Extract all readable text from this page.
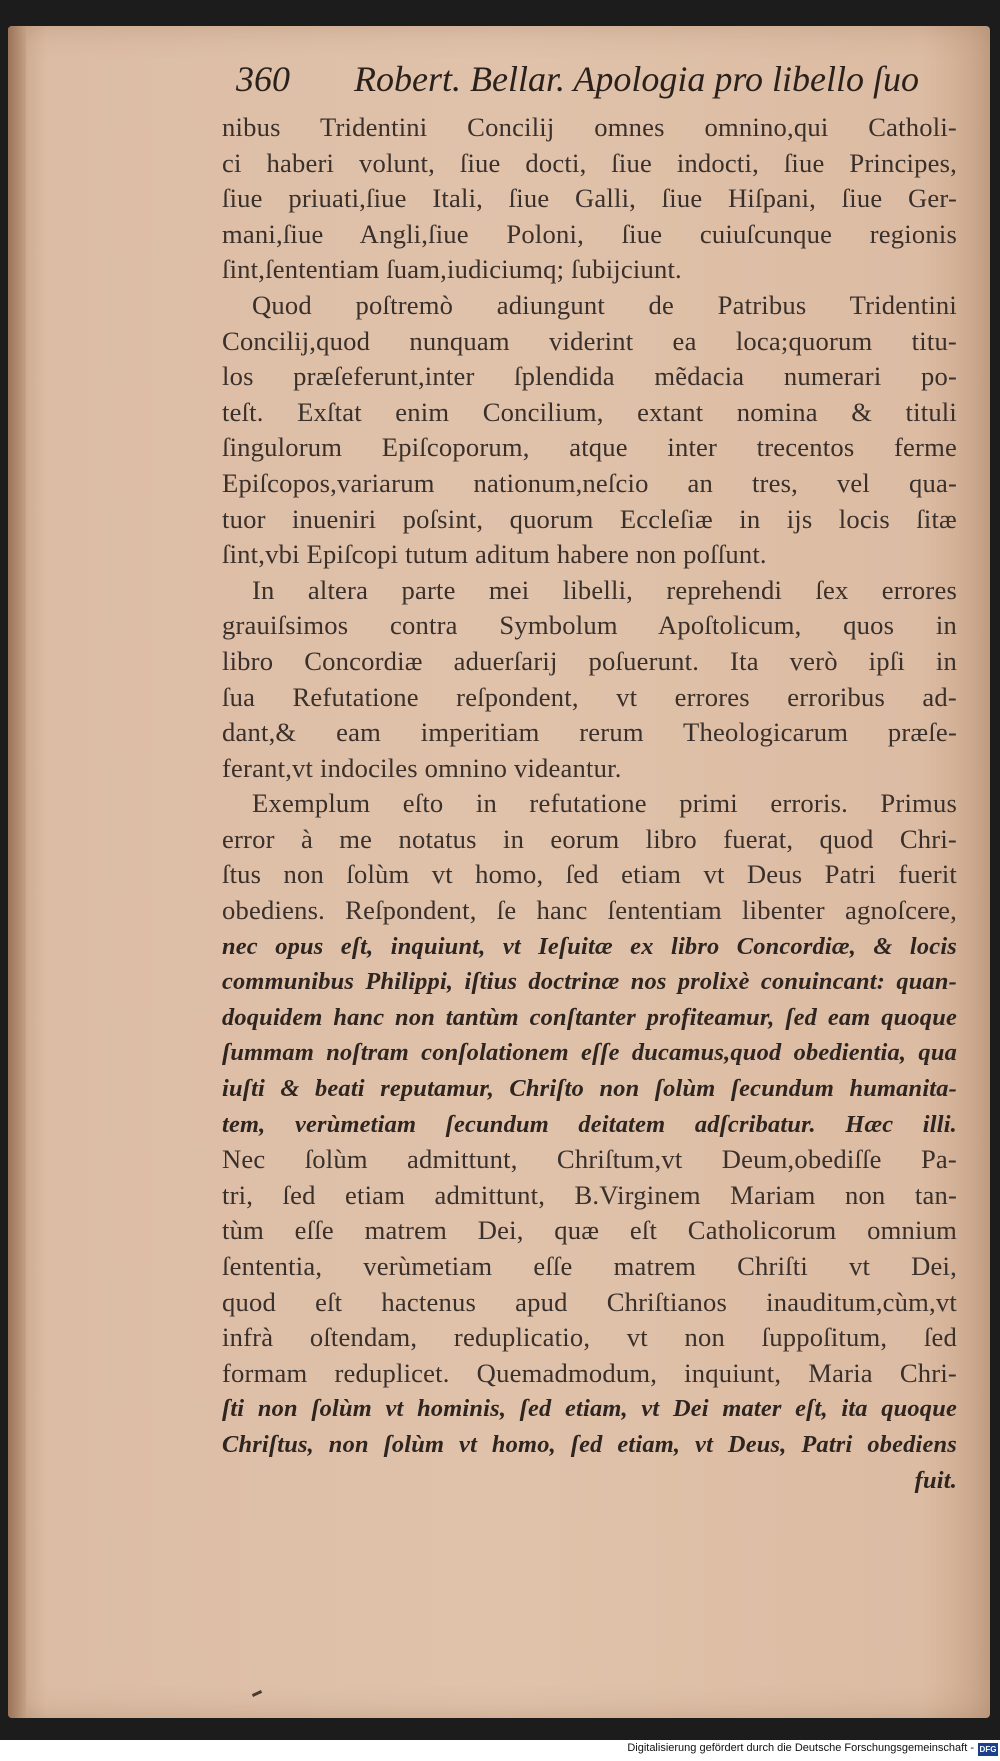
360 Robert. Bellar. Apologia pro libello ſuo
nibus Tridentini Concilij omnes omnino,qui Catholi-
ci haberi volunt, ſiue docti, ſiue indocti, ſiue Principes,
ſiue priuati,ſiue Itali, ſiue Galli, ſiue Hiſpani, ſiue Ger-
mani,ſiue Angli,ſiue Poloni, ſiue cuiuſcunque regionis
ſint,ſententiam ſuam,iudiciumq; ſubijciunt.
Quod poſtremò adiungunt de Patribus Tridentini
Concilij,quod nunquam viderint ea loca;quorum titu-
los præſeferunt,inter ſplendida mẽdacia numerari po-
teſt. Exſtat enim Concilium, extant nomina & tituli
ſingulorum Epiſcoporum, atque inter trecentos ferme
Epiſcopos,variarum nationum,neſcio an tres, vel qua-
tuor inueniri poſsint, quorum Eccleſiæ in ijs locis ſitæ
ſint,vbi Epiſcopi tutum aditum habere non poſſunt.
In altera parte mei libelli, reprehendi ſex errores
grauiſsimos contra Symbolum Apoſtolicum, quos in
libro Concordiæ aduerſarij poſuerunt. Ita verò ipſi in
ſua Refutatione reſpondent, vt errores erroribus ad-
dant,& eam imperitiam rerum Theologicarum præſe-
ferant,vt indociles omnino videantur.
Exemplum eſto in refutatione primi erroris. Primus
error à me notatus in eorum libro fuerat, quod Chri-
ſtus non ſolùm vt homo, ſed etiam vt Deus Patri fuerit
obediens. Reſpondent, ſe hanc ſententiam libenter agnoſcere,
nec opus eſt, inquiunt, vt Ieſuitæ ex libro Concordiæ, & locis
communibus Philippi, iſtius doctrinæ nos prolixè conuincant: quan-
doquidem hanc non tantùm conſtanter profiteamur, ſed eam quoque
ſummam noſtram conſolationem eſſe ducamus,quod obedientia, qua
iuſti & beati reputamur, Chriſto non ſolùm ſecundum humanita-
tem, verùmetiam ſecundum deitatem adſcribatur. Hæc illi.
Nec ſolùm admittunt, Chriſtum,vt Deum,obediſſe Pa-
tri, ſed etiam admittunt, B.Virginem Mariam non tan-
tùm eſſe matrem Dei, quæ eſt Catholicorum omnium
ſententia, verùmetiam eſſe matrem Chriſti vt Dei,
quod eſt hactenus apud Chriſtianos inauditum,cùm,vt
infrà oſtendam, reduplicatio, vt non ſuppoſitum, ſed
formam reduplicet. Quemadmodum, inquiunt, Maria Chri-
ſti non ſolùm vt hominis, ſed etiam, vt Dei mater eſt, ita quoque
Chriſtus, non ſolùm vt homo, ſed etiam, vt Deus, Patri obediens
fuit.
Digitalisierung gefördert durch die Deutsche Forschungsgemeinschaft - DFG
